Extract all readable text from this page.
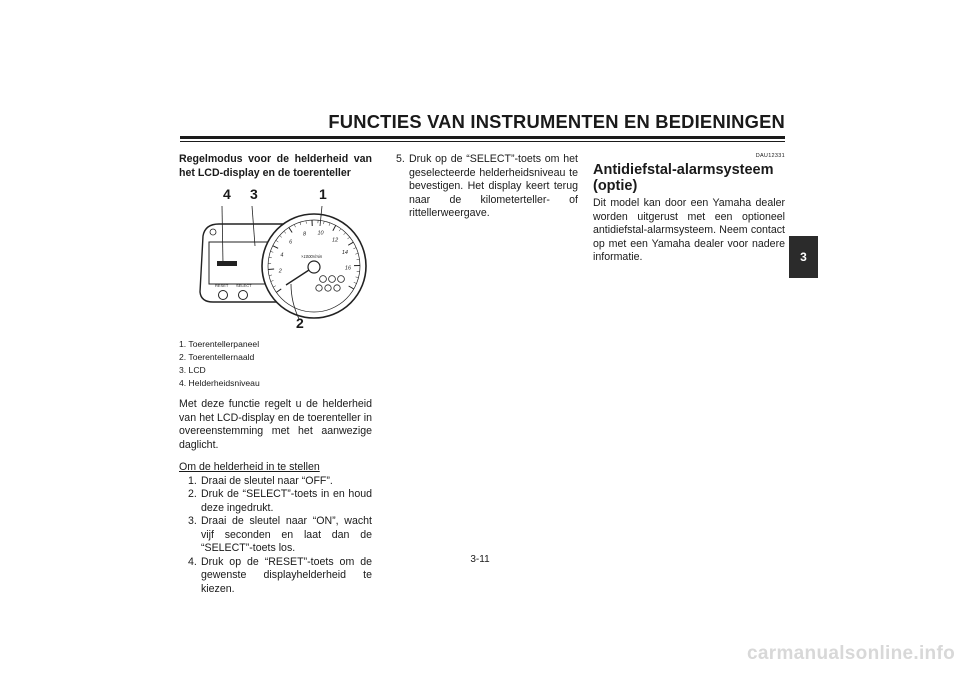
FUNCTIES VAN INSTRUMENTEN EN BEDIENINGEN
3

Regelmodus voor de helderheid van het LCD-display en de toerenteller

RESET SELECT
2
4
6
8 10
12
14
16
×1000r/min
4 3	1
2
1. Toerentellerpaneel
2. Toerentellernaald
3. LCD
4. Helderheidsniveau

Met deze functie regelt u de helderheid van het LCD-display en de toerenteller in overeenstemming met het aanwezige daglicht.

Om de helderheid in te stellen

1. Draai de sleutel naar “OFF”.
2. Druk de “SELECT”-toets in en houd deze ingedrukt.
3. Draai de sleutel naar “ON”, wacht vijf seconden en laat dan de “SELECT”-toets los.
4. Druk op de “RESET”-toets om de gewenste displayhelderheid te kiezen.
5. Druk op de “SELECT”-toets om het geselecteerde helderheidsniveau te bevestigen. Het display keert terug naar de kilometerteller- of rittellerweergave.

DAU12331

Antidiefstal-alarmsysteem (optie)

Dit model kan door een Yamaha dealer worden uitgerust met een optioneel antidiefstal-alarmsysteem. Neem contact op met een Yamaha dealer voor nadere informatie.

3-11
carmanualsonline.info
